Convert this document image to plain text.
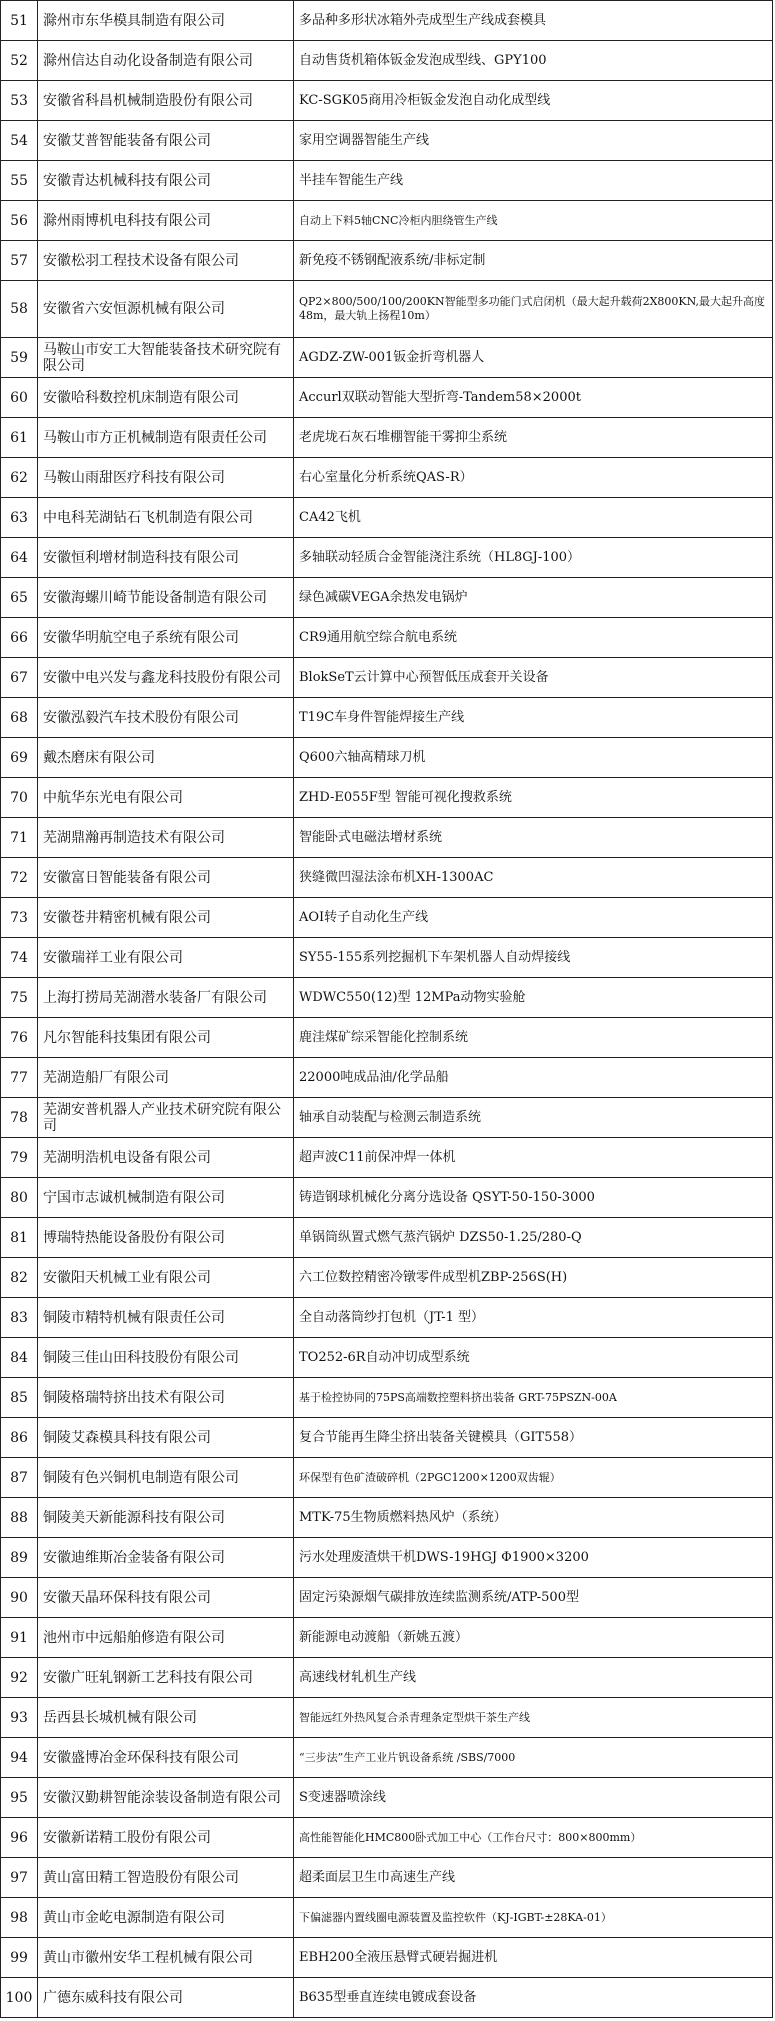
51	滁州市东华模具制造有限公司	多品种多形状冰箱外壳成型生产线成套模具
52	滁州信达自动化设备制造有限公司	自动售货机箱体钣金发泡成型线、GPY100
53	安徽省科昌机械制造股份有限公司	KC-SGK05商用冷柜钣金发泡自动化成型线
54	安徽艾普智能装备有限公司	家用空调器智能生产线
55	安徽青达机械科技有限公司	半挂车智能生产线
56	滁州雨博机电科技有限公司	自动上下料5轴CNC冷柜内胆绕管生产线
57	安徽松羽工程技术设备有限公司	新免疫不锈钢配液系统/非标定制
58	安徽省六安恒源机械有限公司	QP2×800/500/100/200KN智能型多功能门式启闭机（最大起升载荷2X800KN,最大起升高度48m，最大轨上扬程10m）
59	马鞍山市安工大智能装备技术研究院有限公司	AGDZ-ZW-001钣金折弯机器人
60	安徽哈科数控机床制造有限公司	Accurl双联动智能大型折弯-Tandem58×2000t
61	马鞍山市方正机械制造有限责任公司	老虎垅石灰石堆棚智能干雾抑尘系统
62	马鞍山雨甜医疗科技有限公司	右心室量化分析系统QAS-R）
63	中电科芜湖钻石飞机制造有限公司	CA42飞机
64	安徽恒利增材制造科技有限公司	多轴联动轻质合金智能浇注系统（HL8GJ-100）
65	安徽海螺川崎节能设备制造有限公司	绿色减碳VEGA余热发电锅炉
66	安徽华明航空电子系统有限公司	CR9通用航空综合航电系统
67	安徽中电兴发与鑫龙科技股份有限公司	BlokSeT云计算中心预智低压成套开关设备
68	安徽泓毅汽车技术股份有限公司	T19C车身件智能焊接生产线
69	戴杰磨床有限公司	Q600六轴高精球刀机
70	中航华东光电有限公司	ZHD-E055F型 智能可视化搜救系统
71	芜湖鼎瀚再制造技术有限公司	智能卧式电磁法增材系统
72	安徽富日智能装备有限公司	狭缝微凹湿法涂布机XH-1300AC
73	安徽苍井精密机械有限公司	AOI转子自动化生产线
74	安徽瑞祥工业有限公司	SY55-155系列挖掘机下车架机器人自动焊接线
75	上海打捞局芜湖潜水装备厂有限公司	WDWC550(12)型 12MPa动物实验舱
76	凡尔智能科技集团有限公司	鹿洼煤矿综采智能化控制系统
77	芜湖造船厂有限公司	22000吨成品油/化学品船
78	芜湖安普机器人产业技术研究院有限公司	轴承自动装配与检测云制造系统
79	芜湖明浩机电设备有限公司	超声波C11前保冲焊一体机
80	宁国市志诚机械制造有限公司	铸造钢球机械化分离分选设备 QSYT-50-150-3000
81	博瑞特热能设备股份有限公司	单锅筒纵置式燃气蒸汽锅炉 DZS50-1.25/280-Q
82	安徽阳天机械工业有限公司	六工位数控精密冷镦零件成型机ZBP-256S(H)
83	铜陵市精特机械有限责任公司	全自动落筒纱打包机（JT-1 型）
84	铜陵三佳山田科技股份有限公司	TO252-6R自动冲切成型系统
85	铜陵格瑞特挤出技术有限公司	基于检控协同的75PS高端数控塑料挤出装备 GRT-75PSZN-00A
86	铜陵艾森模具科技有限公司	复合节能再生降尘挤出装备关键模具（GIT558）
87	铜陵有色兴铜机电制造有限公司	环保型有色矿渣破碎机（2PGC1200×1200双齿辊）
88	铜陵美天新能源科技有限公司	MTK-75生物质燃料热风炉（系统）
89	安徽迪维斯冶金装备有限公司	污水处理废渣烘干机DWS-19HGJ Φ1900×3200
90	安徽天晶环保科技有限公司	固定污染源烟气碳排放连续监测系统/ATP-500型
91	池州市中远船舶修造有限公司	新能源电动渡船（新姚五渡）
92	安徽广旺轧钢新工艺科技有限公司	高速线材轧机生产线
93	岳西县长城机械有限公司	智能远红外热风复合杀青理条定型烘干茶生产线
94	安徽盛博冶金环保科技有限公司	“三步法”生产工业片钒设备系统 /SBS/7000
95	安徽汉勤耕智能涂装设备制造有限公司	S变速器喷涂线
96	安徽新诺精工股份有限公司	高性能智能化HMC800卧式加工中心（工作台尺寸：800×800mm）
97	黄山富田精工智造股份有限公司	超柔面层卫生巾高速生产线
98	黄山市金屹电源制造有限公司	下偏滤器内置线圈电源装置及监控软件（KJ-IGBT-±28KA-01）
99	黄山市徽州安华工程机械有限公司	EBH200全液压悬臂式硬岩掘进机
100	广德东威科技有限公司	B635型垂直连续电镀成套设备
